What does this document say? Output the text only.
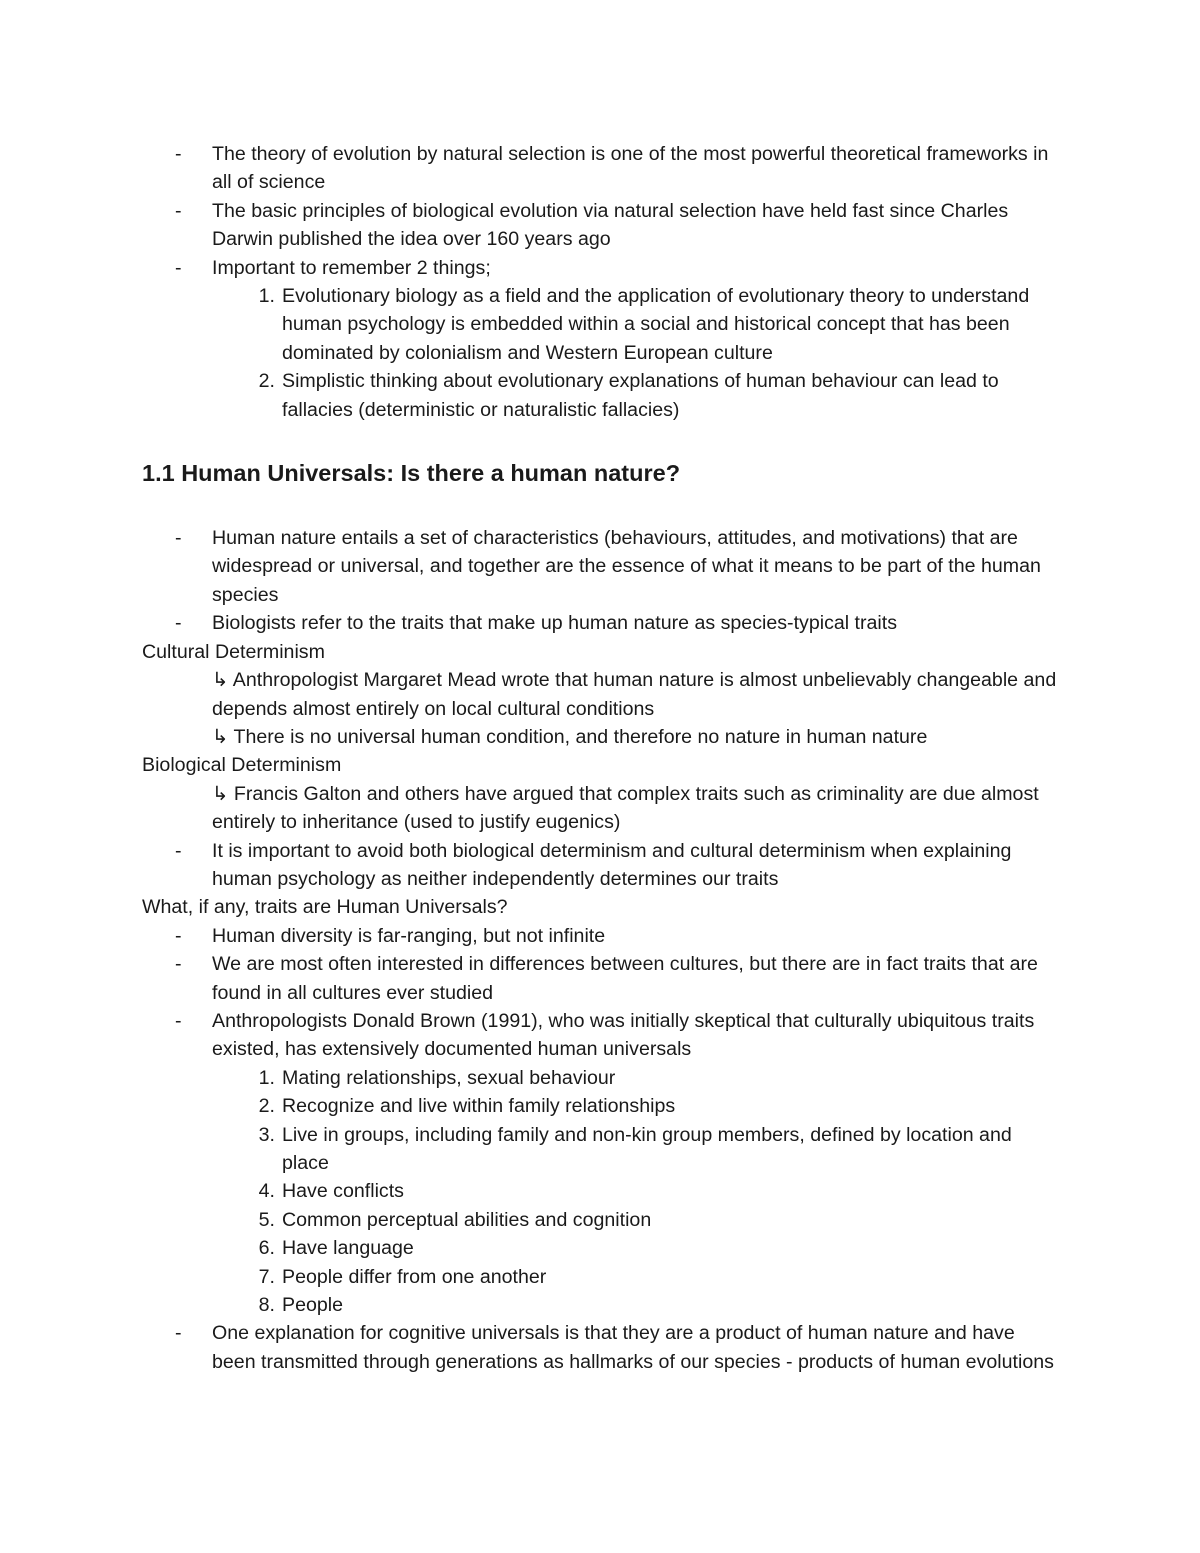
- The theory of evolution by natural selection is one of the most powerful theoretical frameworks in all of science
- The basic principles of biological evolution via natural selection have held fast since Charles Darwin published the idea over 160 years ago
- Important to remember 2 things;
1. Evolutionary biology as a field and the application of evolutionary theory to understand human psychology is embedded within a social and historical concept that has been dominated by colonialism and Western European culture
2. Simplistic thinking about evolutionary explanations of human behaviour can lead to fallacies (deterministic or naturalistic fallacies)
1.1 Human Universals: Is there a human nature?
- Human nature entails a set of characteristics (behaviours, attitudes, and motivations) that are widespread or universal, and together are the essence of what it means to be part of the human species
- Biologists refer to the traits that make up human nature as species-typical traits
Cultural Determinism
↳ Anthropologist Margaret Mead wrote that human nature is almost unbelievably changeable and depends almost entirely on local cultural conditions
↳ There is no universal human condition, and therefore no nature in human nature
Biological Determinism
↳ Francis Galton and others have argued that complex traits such as criminality are due almost entirely to inheritance (used to justify eugenics)
- It is important to avoid both biological determinism and cultural determinism when explaining human psychology as neither independently determines our traits
What, if any, traits are Human Universals?
- Human diversity is far-ranging, but not infinite
- We are most often interested in differences between cultures, but there are in fact traits that are found in all cultures ever studied
- Anthropologists Donald Brown (1991), who was initially skeptical that culturally ubiquitous traits existed, has extensively documented human universals
1. Mating relationships, sexual behaviour
2. Recognize and live within family relationships
3. Live in groups, including family and non-kin group members, defined by location and place
4. Have conflicts
5. Common perceptual abilities and cognition
6. Have language
7. People differ from one another
8. People
- One explanation for cognitive universals is that they are a product of human nature and have been transmitted through generations as hallmarks of our species - products of human evolutions
